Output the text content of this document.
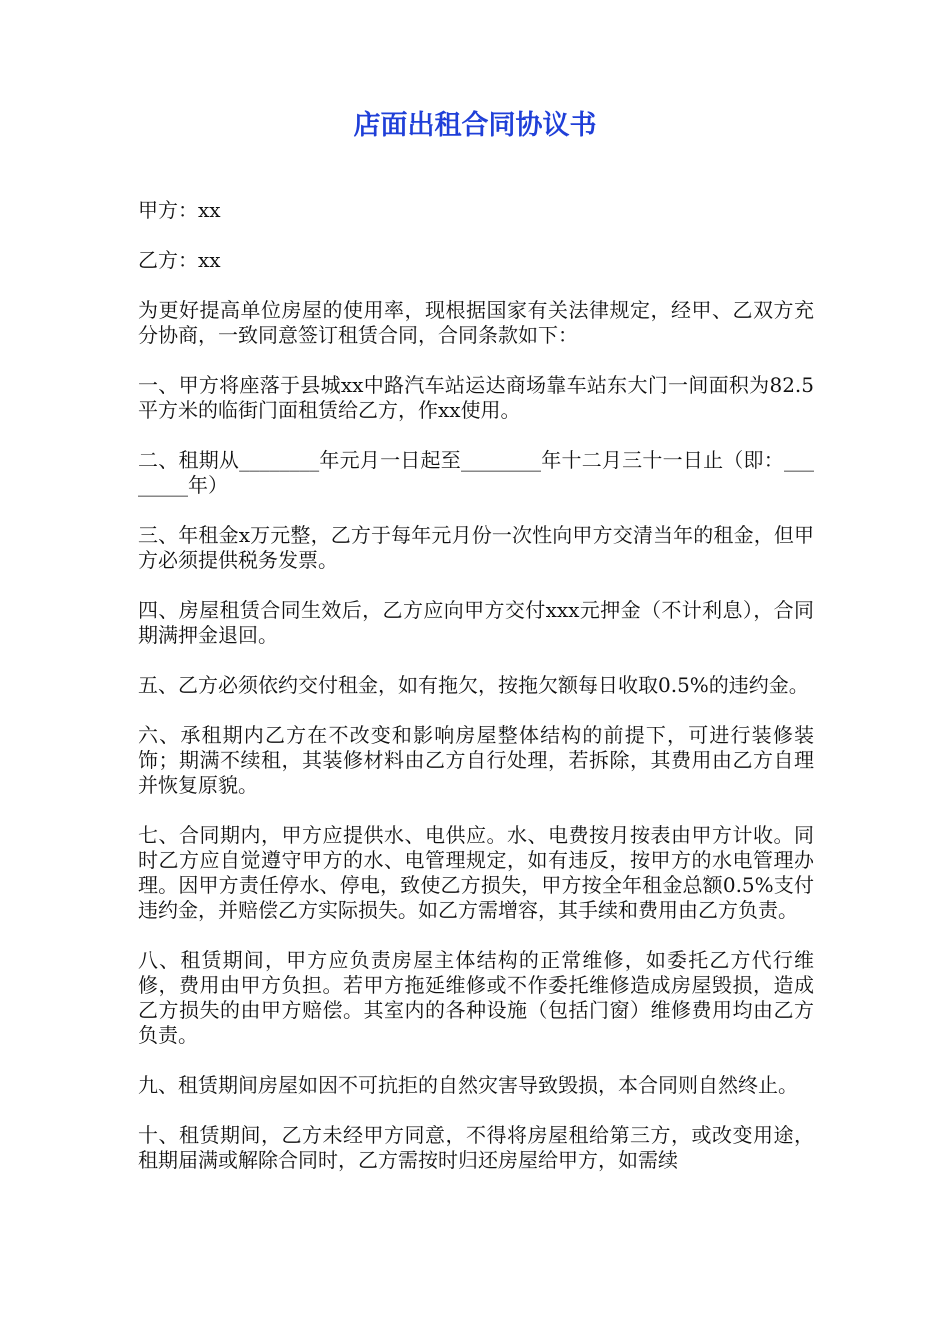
店面出租合同协议书

甲方：xx

乙方：xx

为更好提高单位房屋的使用率，现根据国家有关法律规定，经甲、乙双方充分协商，一致同意签订租赁合同，合同条款如下：

一、甲方将座落于县城xx中路汽车站运达商场靠车站东大门一间面积为82.5平方米的临街门面租赁给乙方，作xx使用。

二、租期从________年元月一日起至________年十二月三十一日止（即：________年）

三、年租金x万元整，乙方于每年元月份一次性向甲方交清当年的租金，但甲方必须提供税务发票。

四、房屋租赁合同生效后，乙方应向甲方交付xxx元押金（不计利息），合同期满押金退回。

五、乙方必须依约交付租金，如有拖欠，按拖欠额每日收取0.5%的违约金。

六、承租期内乙方在不改变和影响房屋整体结构的前提下，可进行装修装饰；期满不续租，其装修材料由乙方自行处理，若拆除，其费用由乙方自理并恢复原貌。

七、合同期内，甲方应提供水、电供应。水、电费按月按表由甲方计收。同时乙方应自觉遵守甲方的水、电管理规定，如有违反，按甲方的水电管理办理。因甲方责任停水、停电，致使乙方损失，甲方按全年租金总额0.5%支付违约金，并赔偿乙方实际损失。如乙方需增容，其手续和费用由乙方负责。

八、租赁期间，甲方应负责房屋主体结构的正常维修，如委托乙方代行维修，费用由甲方负担。若甲方拖延维修或不作委托维修造成房屋毁损，造成乙方损失的由甲方赔偿。其室内的各种设施（包括门窗）维修费用均由乙方负责。

九、租赁期间房屋如因不可抗拒的自然灾害导致毁损，本合同则自然终止。

十、租赁期间，乙方未经甲方同意，不得将房屋租给第三方，或改变用途，租期届满或解除合同时，乙方需按时归还房屋给甲方，如需续
